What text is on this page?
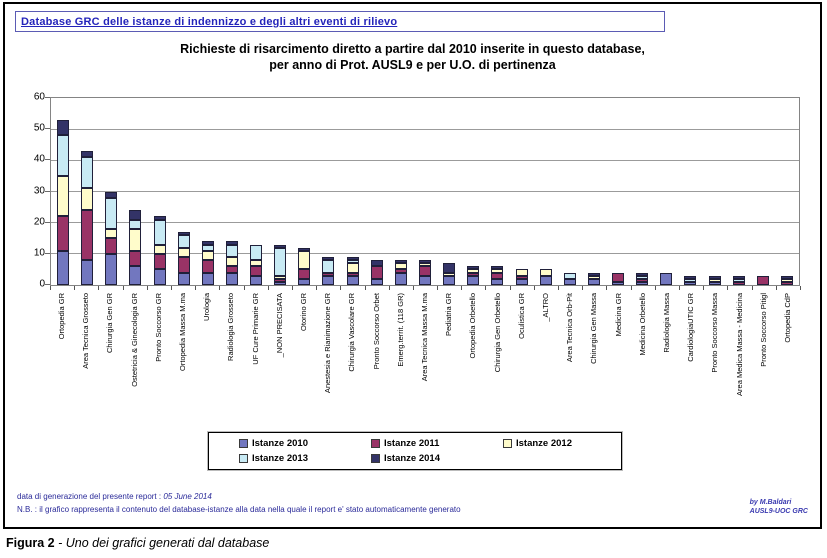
Database GRC delle istanze di indennizzo e degli altri eventi di rilievo
Richieste di risarcimento diretto a partire dal 2010 inserite in questo database,
per anno di Prot. AUSL9 e per U.O. di pertinenza
0
10
20
30
40
50
60
Ortopedia GR Area Tecnica Grosseto Chirurgia Gen GR Ostetricia & Ginecologia GR Pronto Soccorso GR Ortopedia Massa M.ma Urologia Radiologia Grosseto UF Cure Primarie GR _NON PRECISATA Otorino GR Anestesia e Rianimazione GR Chirurgia Vascolare GR Pronto Soccorso Orbet Emerg.territ. (118 GR) Area Tecnica Massa M.ma Pediatria GR Ortopedia Orbetello Chirurgia Gen Orbetello Oculistica GR _ALTRO Area Tecnica Orb-Pit Chirurgia Gen Massa Medicina GR Medicina Orbetello Radiologia Massa CardiologiaUTIC GR Pronto Soccorso Massa Area Medica Massa - Medicina Pronto Soccorso Pitigl Ortopedia CdP
Istanze 2010	Istanze 2011	Istanze 2012
Istanze 2013	Istanze 2014
data di generazione del presente report : 05 June 2014
N.B. : il grafico rappresenta il contenuto del database-istanze alla data nella quale il report e' stato automaticamente generato
by M.Baldari
AUSL9-UOC GRC
Figura 2 - Uno dei grafici generati dal database
